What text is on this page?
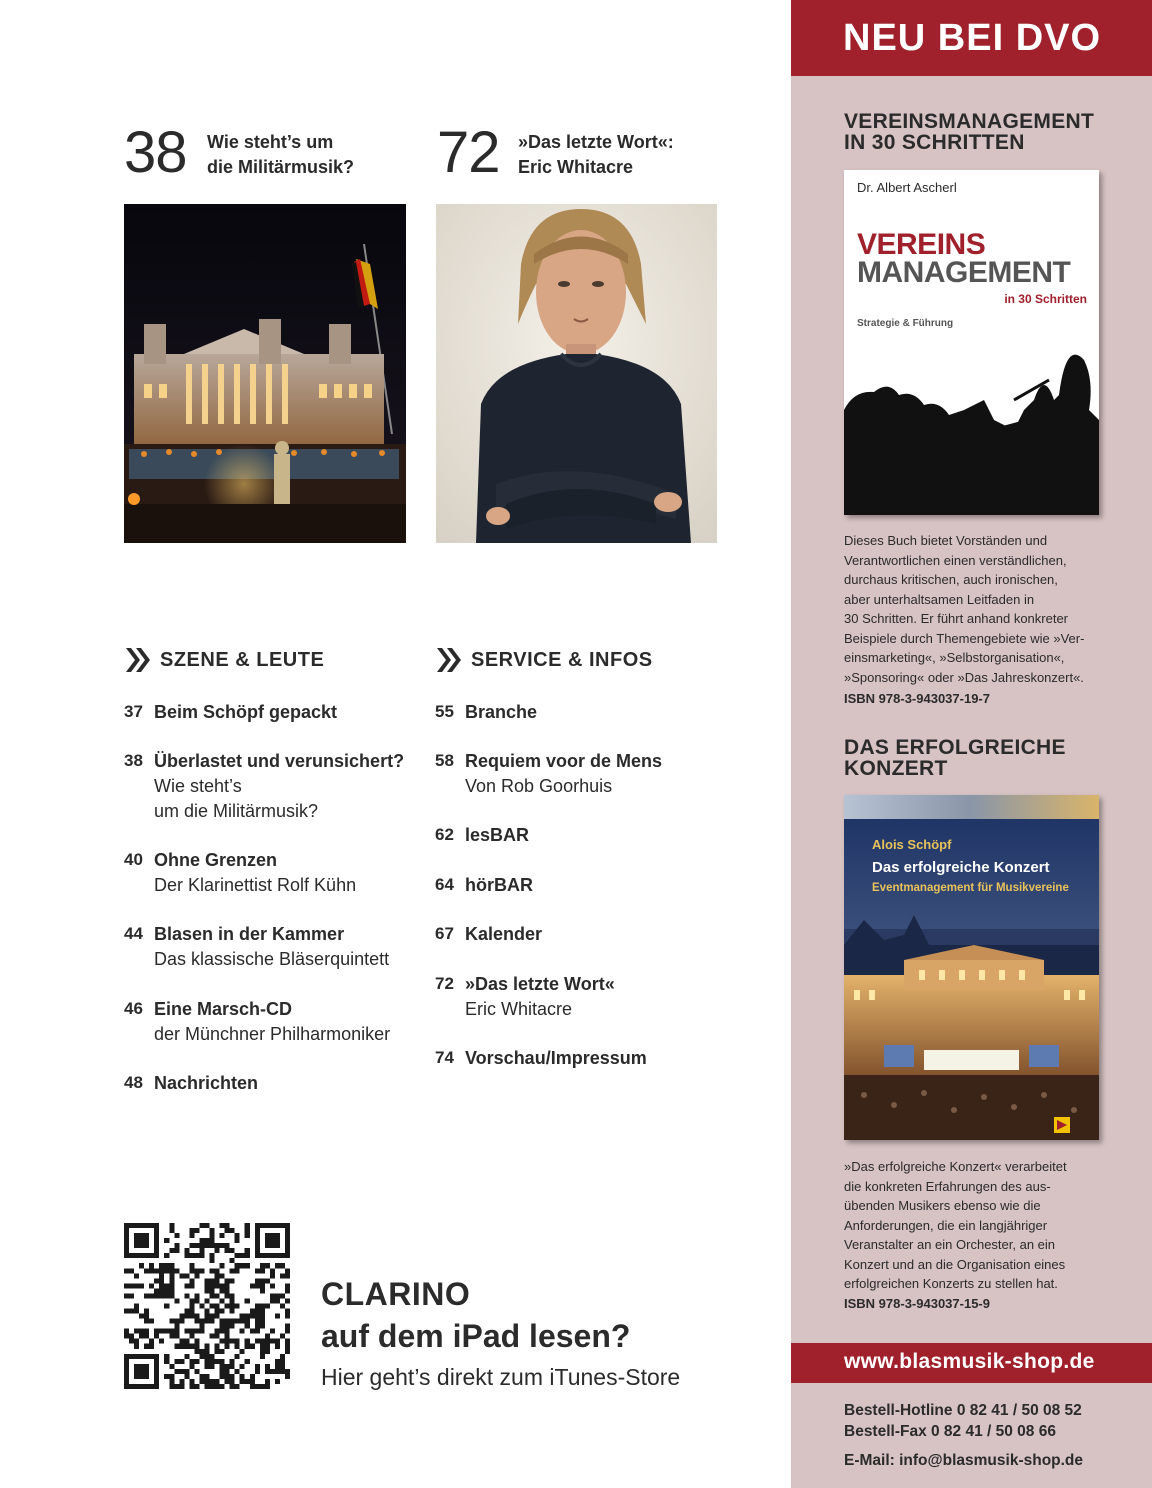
38 Wie steht’s um
die Militärmusik?	72 »Das letzte Wort«:
Eric Whitacre
SZENE & LEUTE
37 Beim Schöpf gepackt
38 Überlastet und verunsichert?
Wie steht’s
um die Militärmusik?
40 Ohne Grenzen
Der Klarinettist Rolf Kühn
44 Blasen in der Kammer
Das klassische Bläserquintett
46 Eine Marsch-CD
der Münchner Philharmoniker
48 Nachrichten
SERVICE & INFOS
55 Branche
58 Requiem voor de Mens
Von Rob Goorhuis
62 lesBAR
64 hörBAR
67 Kalender
72 »Das letzte Wort«
Eric Whitacre
74 Vorschau/Impressum
CLARINO
auf dem iPad lesen?
Hier geht’s direkt zum iTunes-Store
NEU BEI DVO
VEREINSMANAGEMENT
IN 30 SCHRITTEN
Dr. Albert Ascherl
VEREINS
MANAGEMENT
in 30 Schritten
Strategie & Führung
Dieses Buch bietet Vorständen und
Verantwortlichen einen verständlichen,
durchaus kritischen, auch ironischen,
aber unterhaltsamen Leitfaden in
30 Schritten. Er führt anhand konkreter
Beispiele durch Themengebiete wie »Ver-
einsmarketing«, »Selbstorganisation«,
»Sponsoring« oder »Das Jahreskonzert«.
ISBN 978-3-943037-19-7
DAS ERFOLGREICHE
KONZERT
Alois Schöpf
Das erfolgreiche Konzert
Eventmanagement für Musikvereine
»Das erfolgreiche Konzert« verarbeitet
die konkreten Erfahrungen des aus-
übenden Musikers ebenso wie die
Anforderungen, die ein langjähriger
Veranstalter an ein Orchester, an ein
Konzert und an die Organisation eines
erfolgreichen Konzerts zu stellen hat.
ISBN 978-3-943037-15-9
www.blasmusik-shop.de
Bestell-Hotline 0 82 41 / 50 08 52
Bestell-Fax 0 82 41 / 50 08 66
E-Mail: info@blasmusik-shop.de
